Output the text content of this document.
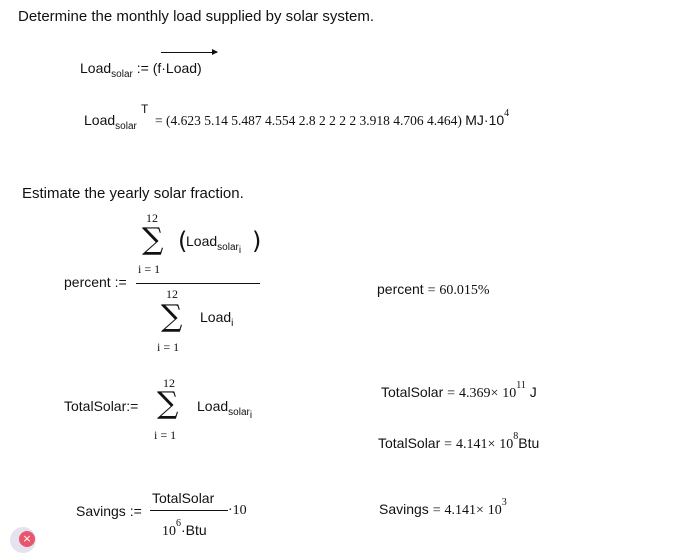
Determine the monthly load supplied by solar system.
Load$_{solar}$ := (f·Load)
Load$_{solar}$
T
= (4.623 5.14 5.487 4.554 2.8 2 2 2 2 3.918 4.706 4.464) $MJ\cdot 10^4$
Estimate the yearly solar fraction.
percent :=
12
∑
i = 1
(
Load$_{solar_i}$ )
12
∑
i = 1
Load$_i$
percent = 60.015%
TotalSolar:=
12
∑
i = 1
Load$_{solar_i}$
TotalSolar = $4.369\times 10^{11}$ J
TotalSolar = $4.141\times 10^8Btu$
Savings :=
TotalSolar
$10^6\cdot Btu$
·10	Savings = $4.141\times 10^3$
×
